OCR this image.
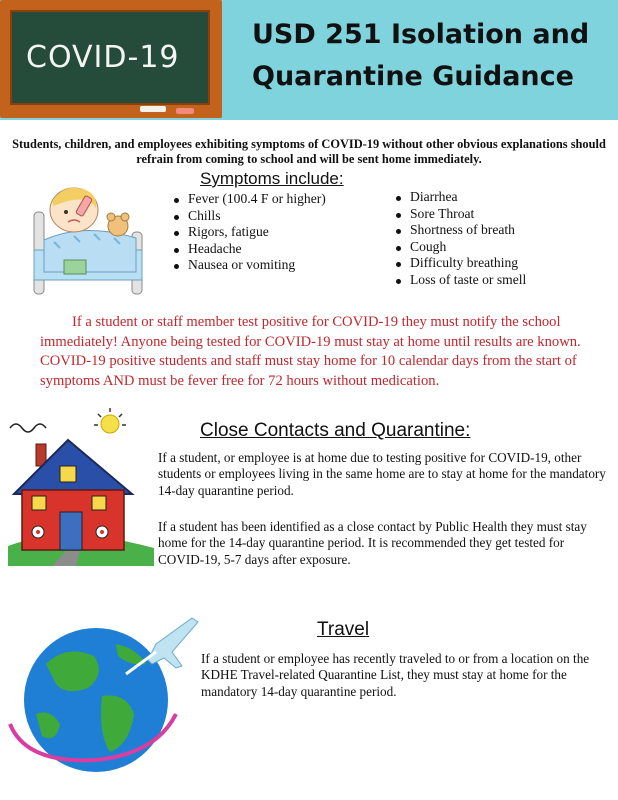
COVID-19
USD 251 Isolation and
Quarantine Guidance
Students, children, and employees exhibiting symptoms of COVID-19 without other obvious explanations should refrain from coming to school and will be sent home immediately.
Symptoms include:
Fever (100.4 F or higher)
Chills
Rigors, fatigue
Headache
Nausea or vomiting
Diarrhea
Sore Throat
Shortness of breath
Cough
Difficulty breathing
Loss of taste or smell
If a student or staff member test positive for COVID-19 they must notify the school immediately! Anyone being tested for COVID-19 must stay at home until results are known. COVID-19 positive students and staff must stay home for 10 calendar days from the start of symptoms AND must be fever free for 72 hours without medication.
Close Contacts and Quarantine:
If a student, or employee is at home due to testing positive for COVID-19, other students or employees living in the same home are to stay at home for the mandatory 14-day quarantine period.
If a student has been identified as a close contact by Public Health they must stay home for the 14-day quarantine period. It is recommended they get tested for COVID-19, 5-7 days after exposure.
Travel
If a student or employee has recently traveled to or from a location on the KDHE Travel-related Quarantine List, they must stay at home for the mandatory 14-day quarantine period.
